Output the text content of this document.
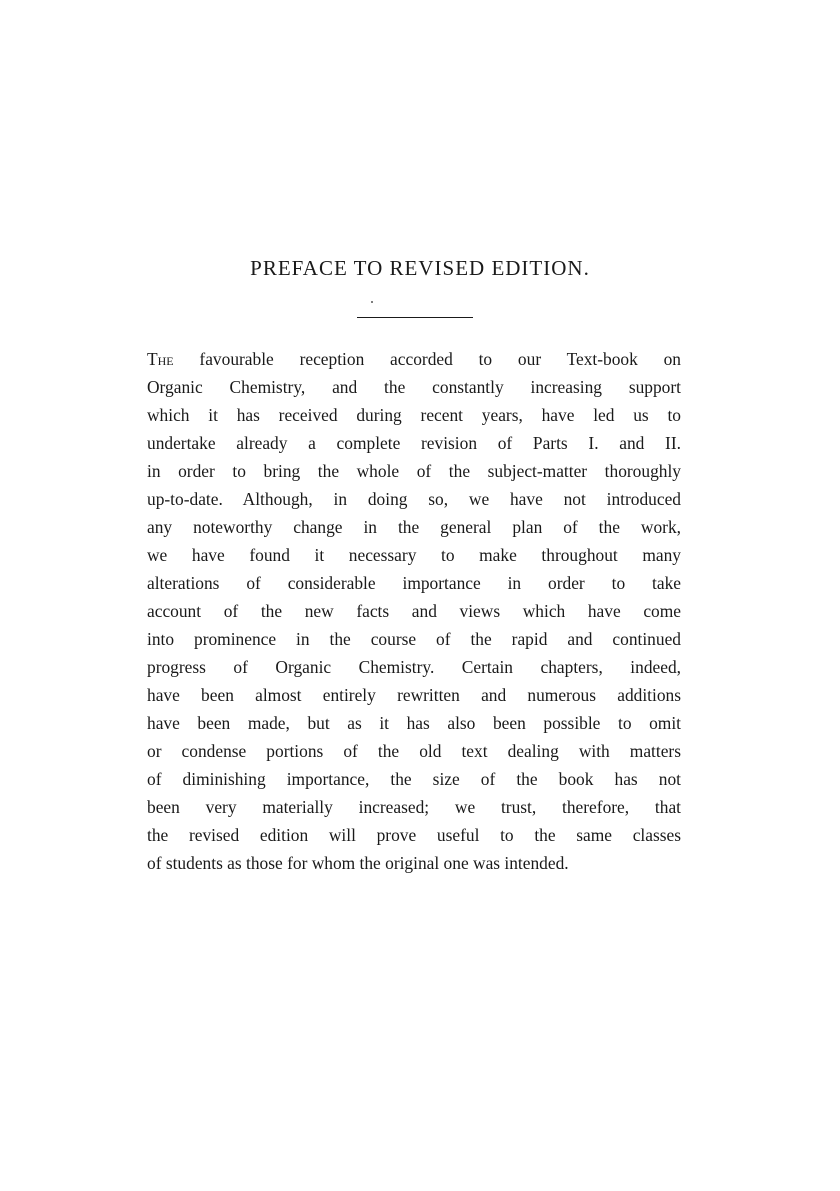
PREFACE TO REVISED EDITION.
The favourable reception accorded to our Text-book on
Organic Chemistry, and the constantly increasing support
which it has received during recent years, have led us to
undertake already a complete revision of Parts I. and II.
in order to bring the whole of the subject-matter thoroughly
up-to-date. Although, in doing so, we have not introduced
any noteworthy change in the general plan of the work,
we have found it necessary to make throughout many
alterations of considerable importance in order to take
account of the new facts and views which have come
into prominence in the course of the rapid and continued
progress of Organic Chemistry. Certain chapters, indeed,
have been almost entirely rewritten and numerous additions
have been made, but as it has also been possible to omit
or condense portions of the old text dealing with matters
of diminishing importance, the size of the book has not
been very materially increased; we trust, therefore, that
the revised edition will prove useful to the same classes
of students as those for whom the original one was intended.
